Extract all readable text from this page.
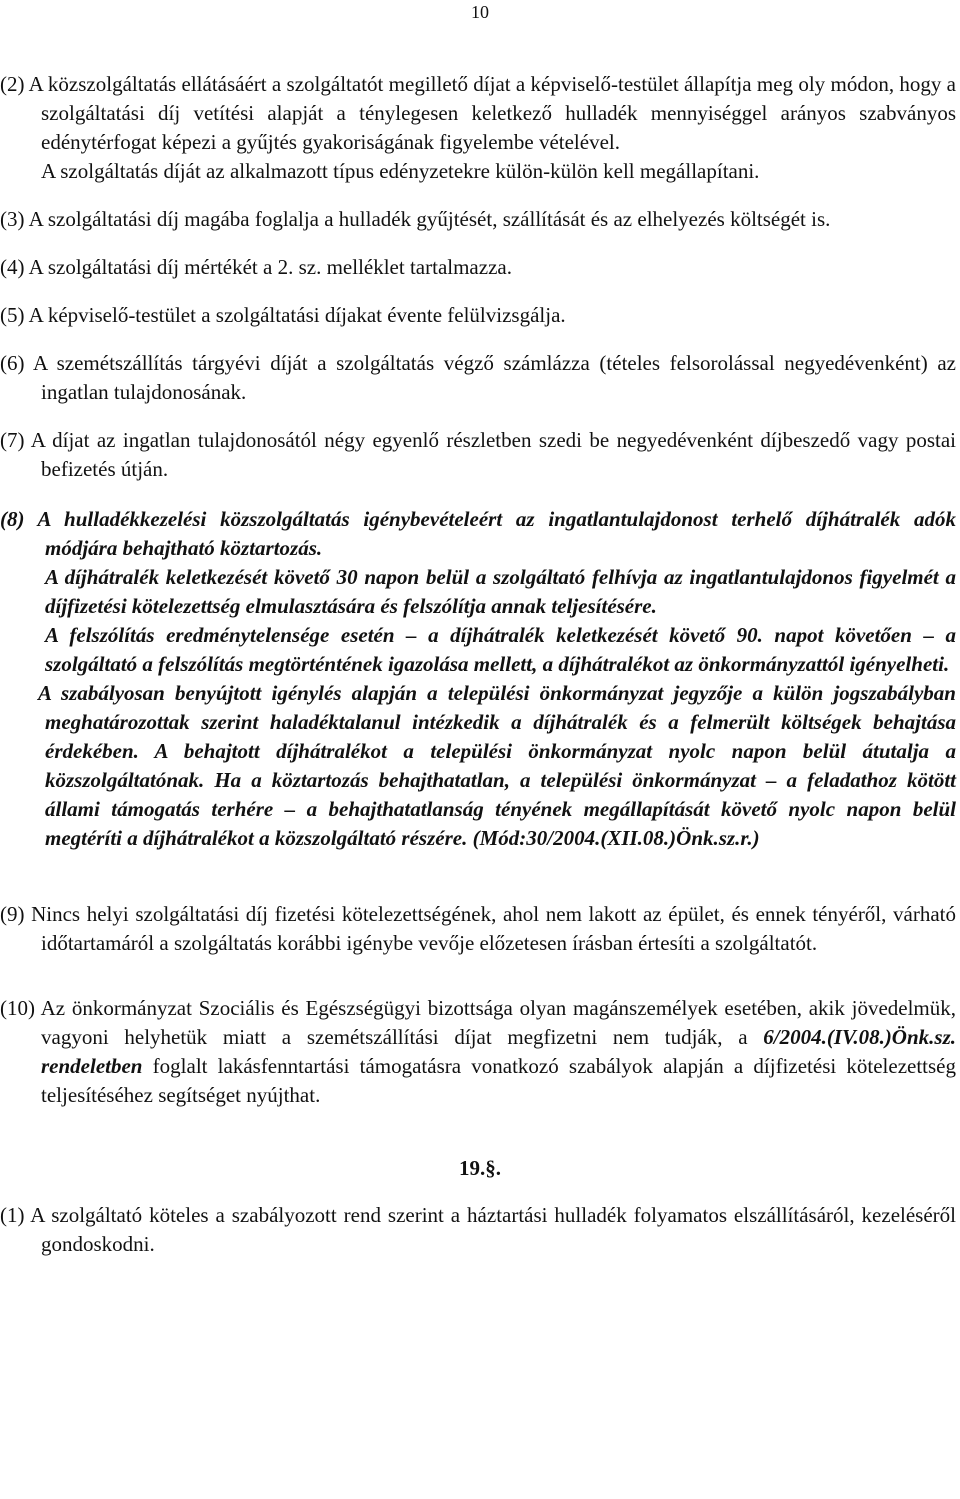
10

(2) A közszolgáltatás ellátásáért a szolgáltatót megillető díjat a képviselő-testület állapítja meg oly módon, hogy a szolgáltatási díj vetítési alapját a ténylegesen keletkező hulladék mennyiséggel arányos szabványos edénytérfogat képezi a gyűjtés gyakoriságának figyelembe vételével.

A szolgáltatás díját az alkalmazott típus edényzetekre külön-külön kell megállapítani.

(3) A szolgáltatási díj magába foglalja a hulladék gyűjtését, szállítását és az elhelyezés költségét is.

(4) A szolgáltatási díj mértékét a 2. sz. melléklet tartalmazza.

(5) A képviselő-testület a szolgáltatási díjakat évente felülvizsgálja.

(6) A szemétszállítás tárgyévi díját a szolgáltatás végző számlázza (tételes felsorolással negyedévenként) az ingatlan tulajdonosának.

(7) A díjat az ingatlan tulajdonosától négy egyenlő részletben szedi be negyedévenként díjbeszedő vagy postai befizetés útján.

(8) A hulladékkezelési közszolgáltatás igénybevételeért az ingatlantulajdonost terhelő díjhátralék adók módjára behajtható köztartozás.

A díjhátralék keletkezését követő 30 napon belül a szolgáltató felhívja az ingatlantulajdonos figyelmét a díjfizetési kötelezettség elmulasztására és felszólítja annak teljesítésére.

A felszólítás eredménytelensége esetén – a díjhátralék keletkezését követő 90. napot követően – a szolgáltató a felszólítás megtörténtének igazolása mellett, a díjhátralékot az önkormányzattól igényelheti.

A szabályosan benyújtott igénylés alapján a települési önkormányzat jegyzője a külön jogszabályban meghatározottak szerint haladéktalanul intézkedik a díjhátralék és a felmerült költségek behajtása érdekében. A behajtott díjhátralékot a települési önkormányzat nyolc napon belül átutalja a közszolgáltatónak. Ha a köztartozás behajthatatlan, a települési önkormányzat – a feladathoz kötött állami támogatás terhére – a behajthatatlanság tényének megállapítását követő nyolc napon belül megtéríti a díjhátralékot a közszolgáltató részére. (Mód:30/2004.(XII.08.)Önk.sz.r.)

(9) Nincs helyi szolgáltatási díj fizetési kötelezettségének, ahol nem lakott az épület, és ennek tényéről, várható időtartamáról a szolgáltatás korábbi igénybe vevője előzetesen írásban értesíti a szolgáltatót.

(10) Az önkormányzat Szociális és Egészségügyi bizottsága olyan magánszemélyek esetében, akik jövedelmük, vagyoni helyhetük miatt a szemétszállítási díjat megfizetni nem tudják, a 6/2004.(IV.08.)Önk.sz. rendeletben foglalt lakásfenntartási támogatásra vonatkozó szabályok alapján a díjfizetési kötelezettség teljesítéséhez segítséget nyújthat.

19.§.

(1) A szolgáltató köteles a szabályozott rend szerint a háztartási hulladék folyamatos elszállításáról, kezeléséről gondoskodni.
